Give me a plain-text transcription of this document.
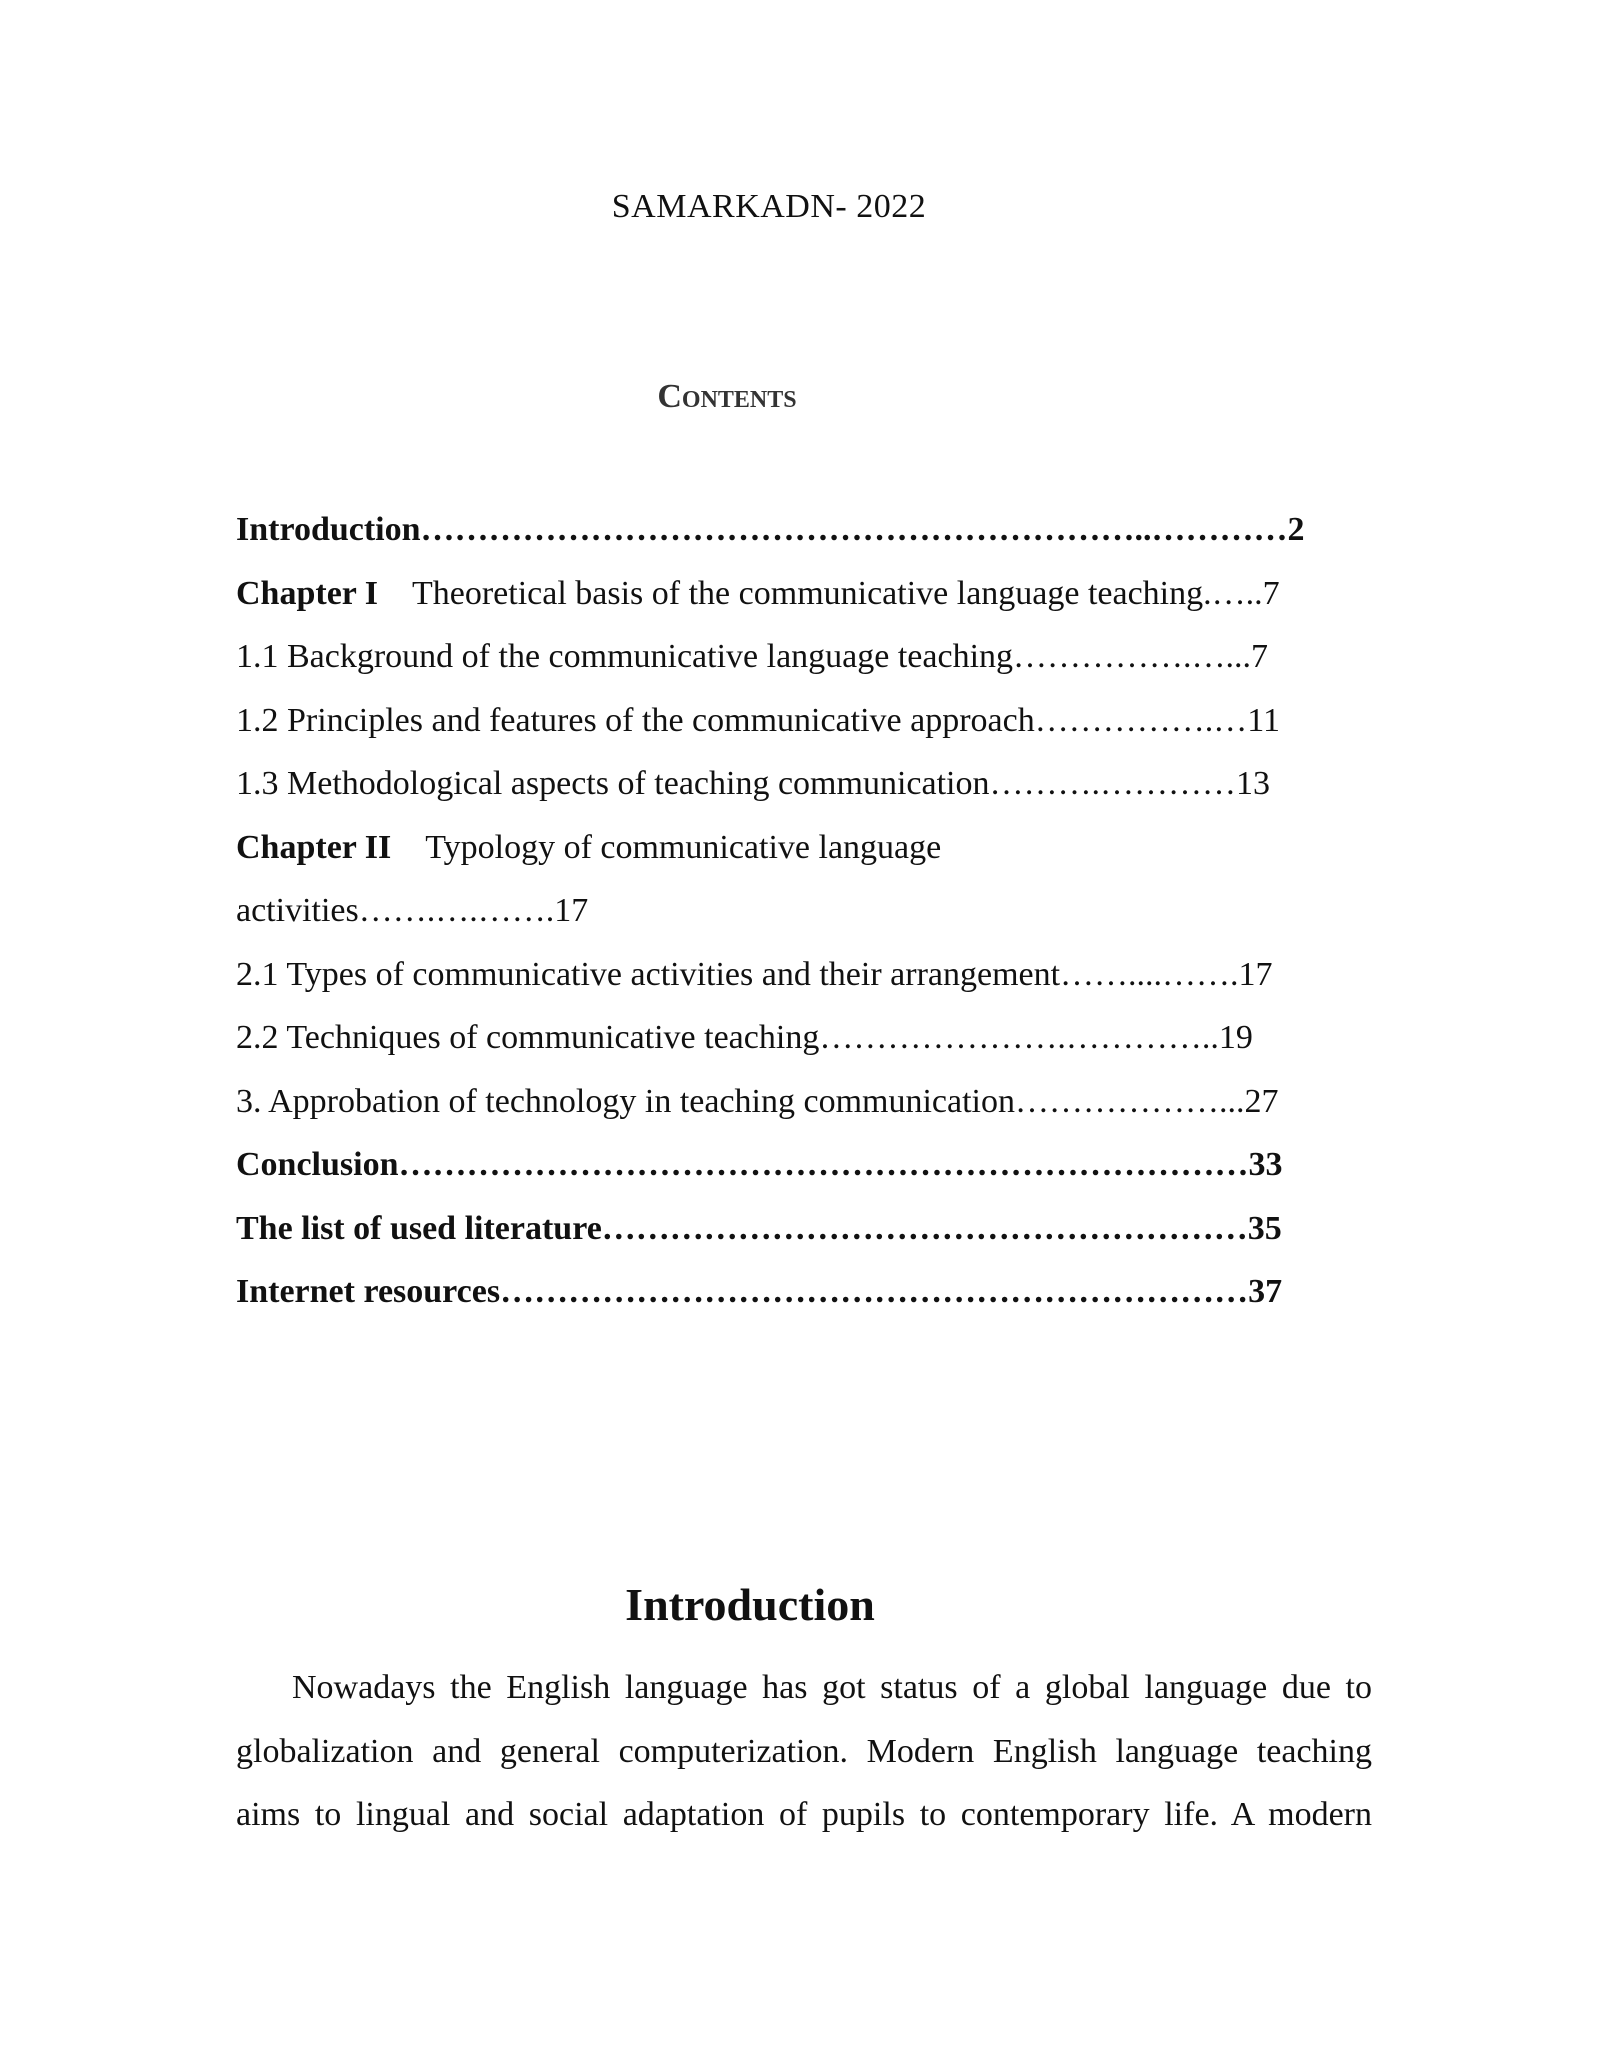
SAMARKADN- 2022
Contents
Introduction………………………………………………………..…………2
Chapter I Theoretical basis of the communicative language teaching.…..7
1.1 Background of the communicative language teaching…………….…...7
1.2 Principles and features of the communicative approach…………….…11
1.3 Methodological aspects of teaching communication……….…………13
Chapter II Typology of communicative language
activities…….….…….17
2.1 Types of communicative activities and their arrangement……....…….17
2.2 Techniques of communicative teaching………………….…………..19
3. Approbation of technology in teaching communication………………...27
Conclusion…………………………………………………………………33
The list of used literature…………………………………………………35
Internet resources…………………………………………………………37
Introduction
Nowadays the English language has got status of a global language due to
globalization and general computerization. Modern English language teaching
aims to lingual and social adaptation of pupils to contemporary life. A modern
